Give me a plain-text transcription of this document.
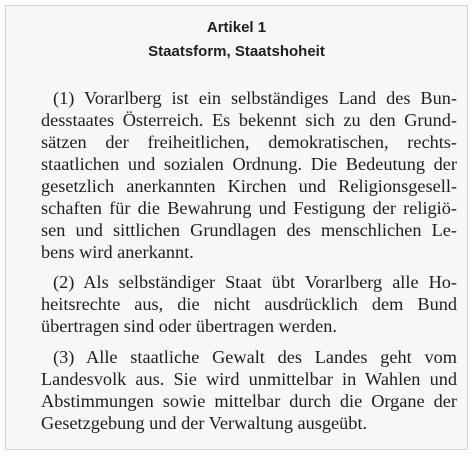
Artikel 1
Staatsform, Staatshoheit
(1) Vorarlberg ist ein selbständiges Land des Bun-
desstaates Österreich. Es bekennt sich zu den Grund-
sätzen der freiheitlichen, demokratischen, rechts-
staatlichen und sozialen Ordnung. Die Bedeutung der
gesetzlich anerkannten Kirchen und Religionsgesell-
schaften für die Bewahrung und Festigung der religiö-
sen und sittlichen Grundlagen des menschlichen Le-
bens wird anerkannt.
(2) Als selbständiger Staat übt Vorarlberg alle Ho-
heitsrechte aus, die nicht ausdrücklich dem Bund
übertragen sind oder übertragen werden.
(3) Alle staatliche Gewalt des Landes geht vom
Landesvolk aus. Sie wird unmittelbar in Wahlen und
Abstimmungen sowie mittelbar durch die Organe der
Gesetzgebung und der Verwaltung ausgeübt.
